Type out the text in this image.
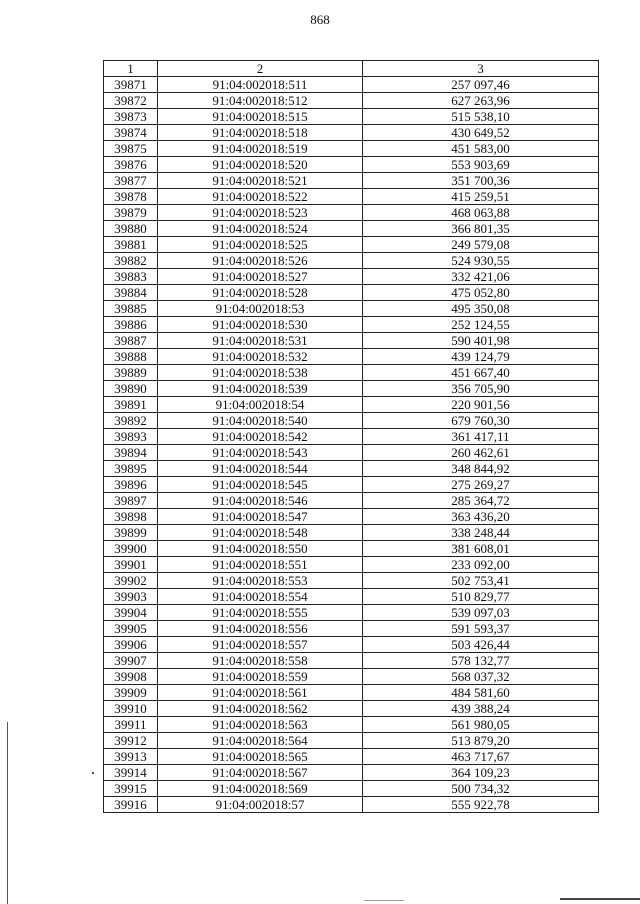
868
1	2	3
39871	91:04:002018:511	257 097,46
39872	91:04:002018:512	627 263,96
39873	91:04:002018:515	515 538,10
39874	91:04:002018:518	430 649,52
39875	91:04:002018:519	451 583,00
39876	91:04:002018:520	553 903,69
39877	91:04:002018:521	351 700,36
39878	91:04:002018:522	415 259,51
39879	91:04:002018:523	468 063,88
39880	91:04:002018:524	366 801,35
39881	91:04:002018:525	249 579,08
39882	91:04:002018:526	524 930,55
39883	91:04:002018:527	332 421,06
39884	91:04:002018:528	475 052,80
39885	91:04:002018:53	495 350,08
39886	91:04:002018:530	252 124,55
39887	91:04:002018:531	590 401,98
39888	91:04:002018:532	439 124,79
39889	91:04:002018:538	451 667,40
39890	91:04:002018:539	356 705,90
39891	91:04:002018:54	220 901,56
39892	91:04:002018:540	679 760,30
39893	91:04:002018:542	361 417,11
39894	91:04:002018:543	260 462,61
39895	91:04:002018:544	348 844,92
39896	91:04:002018:545	275 269,27
39897	91:04:002018:546	285 364,72
39898	91:04:002018:547	363 436,20
39899	91:04:002018:548	338 248,44
39900	91:04:002018:550	381 608,01
39901	91:04:002018:551	233 092,00
39902	91:04:002018:553	502 753,41
39903	91:04:002018:554	510 829,77
39904	91:04:002018:555	539 097,03
39905	91:04:002018:556	591 593,37
39906	91:04:002018:557	503 426,44
39907	91:04:002018:558	578 132,77
39908	91:04:002018:559	568 037,32
39909	91:04:002018:561	484 581,60
39910	91:04:002018:562	439 388,24
39911	91:04:002018:563	561 980,05
39912	91:04:002018:564	513 879,20
39913	91:04:002018:565	463 717,67
39914	91:04:002018:567	364 109,23
39915	91:04:002018:569	500 734,32
39916	91:04:002018:57	555 922,78
